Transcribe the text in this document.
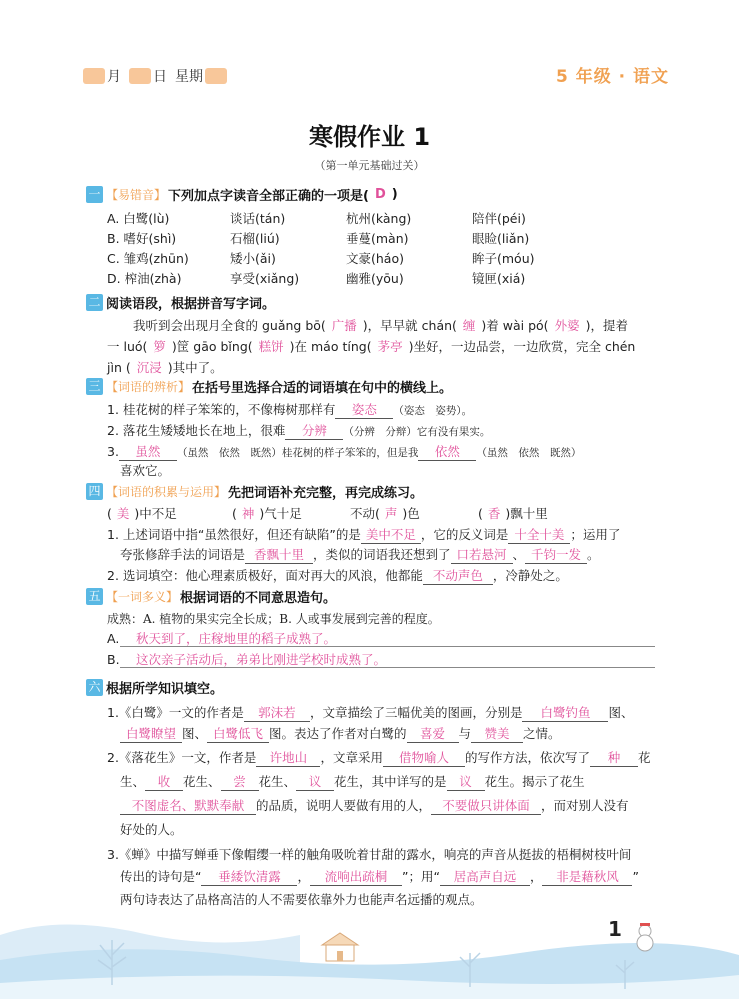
月 日 星期	5 年级 · 语文
寒假作业 1
（第一单元基础过关）
一 【易错音】 下列加点字读音全部正确的一项是( D )
A. 白鹭(lù)	谈话(tán)	杭州(kàng)	陪伴(péi)
B. 嗜好(shì)	石榴(liú)	垂蔓(màn)	眼睑(liǎn)
C. 雏鸡(zhūn)	矮小(ǎi)	文豪(háo)	眸子(móu)
D. 榨油(zhà)	享受(xiǎng)	幽雅(yōu)	镜匣(xiá)
二 阅读语段，根据拼音写字词。
我听到会出现月全食的 guǎng bō( 广播 )，早早就 chán( 缠 )着 wài pó( 外婆 )，提着
一 luó( 箩 )筐 gāo bǐng( 糕饼 )在 máo tíng( 茅亭 )坐好，一边品尝，一边欣赏，完全 chén
jìn ( 沉浸 )其中了。
三 【词语的辨析】 在括号里选择合适的词语填在句中的横线上。
1. 桂花树的样子笨笨的，不像梅树那样有 姿态 （姿态　姿势）。
2. 落花生矮矮地长在地上，很难 分辨 （分辨　分辩）它有没有果实。
3. 虽然 （虽然　依然　既然）桂花树的样子笨笨的，但是我 依然 （虽然　依然　既然）
喜欢它。
四 【词语的积累与运用】 先把词语补充完整，再完成练习。
( 美 )中不足	( 神 )气十足	不动( 声 )色	( 香 )飘十里
1. 上述词语中指“虽然很好，但还有缺陷”的是 美中不足 ，它的反义词是 十全十美 ；运用了
夸张修辞手法的词语是 香飘十里 ，类似的词语我还想到了 口若悬河 、 千钧一发 。
2. 选词填空：他心理素质极好，面对再大的风浪，他都能 不动声色 ，冷静处之。
五 【一词多义】 根据词语的不同意思造句。
成熟：A. 植物的果实完全长成；B. 人或事发展到完善的程度。
A.	秋天到了，庄稼地里的稻子成熟了。
B.	这次亲子活动后，弟弟比刚进学校时成熟了。
六 根据所学知识填空。
1.《白鹭》一文的作者是 郭沫若 ，文章描绘了三幅优美的图画，分别是 白鹭钓鱼 图、
白鹭瞭望 图、 白鹭低飞 图。表达了作者对白鹭的 喜爱 与 赞美 之情。
2.《落花生》一文，作者是 许地山 ，文章采用 借物喻人 的写作方法，依次写了 种 花
生、 收 花生、 尝 花生、 议 花生，其中详写的是 议 花生。揭示了花生
不图虚名、默默奉献 的品质，说明人要做有用的人， 不要做只讲体面 ，而对别人没有
好处的人。
3.《蝉》中描写蝉垂下像帽缨一样的触角吸吮着甘甜的露水，响亮的声音从挺拔的梧桐树枝叶间
传出的诗句是“ 垂緌饮清露 ， 流响出疏桐 ”；用“ 居高声自远 ， 非是藉秋风 ”
两句诗表达了品格高洁的人不需要依靠外力也能声名远播的观点。
1
